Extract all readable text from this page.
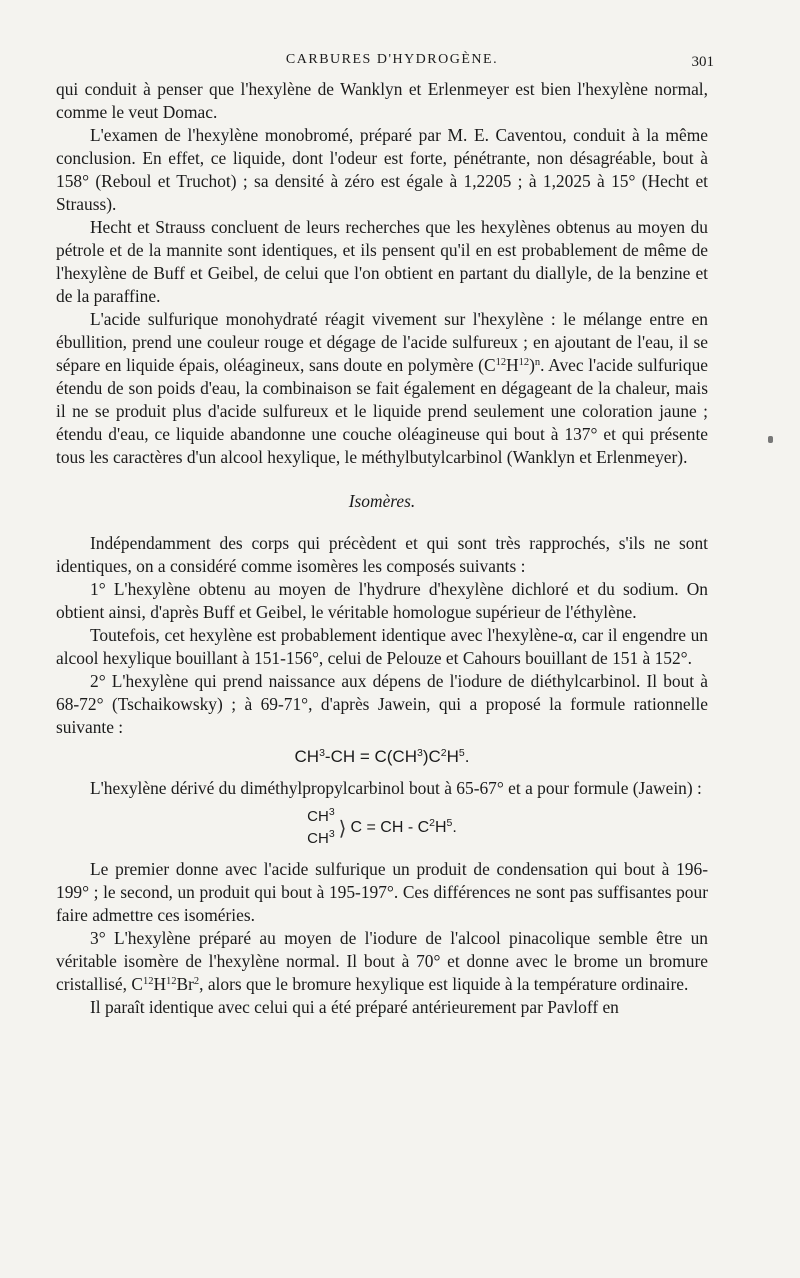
CARBURES D'HYDROGÈNE.	301

qui conduit à penser que l'hexylène de Wanklyn et Erlenmeyer est bien l'hexylène normal, comme le veut Domac.

L'examen de l'hexylène monobromé, préparé par M. E. Caventou, conduit à la même conclusion. En effet, ce liquide, dont l'odeur est forte, pénétrante, non désagréable, bout à 158° (Reboul et Truchot) ; sa densité à zéro est égale à 1,2205 ; à 1,2025 à 15° (Hecht et Strauss).

Hecht et Strauss concluent de leurs recherches que les hexylènes obtenus au moyen du pétrole et de la mannite sont identiques, et ils pensent qu'il en est probablement de même de l'hexylène de Buff et Geibel, de celui que l'on obtient en partant du diallyle, de la benzine et de la paraffine.

L'acide sulfurique monohydraté réagit vivement sur l'hexylène : le mélange entre en ébullition, prend une couleur rouge et dégage de l'acide sulfureux ; en ajoutant de l'eau, il se sépare en liquide épais, oléagineux, sans doute en polymère $(C^{12}H^{12})^n$. Avec l'acide sulfurique étendu de son poids d'eau, la combinaison se fait également en dégageant de la chaleur, mais il ne se produit plus d'acide sulfureux et le liquide prend seulement une coloration jaune ; étendu d'eau, ce liquide abandonne une couche oléagineuse qui bout à 137° et qui présente tous les caractères d'un alcool hexylique, le méthylbutylcarbinol (Wanklyn et Erlenmeyer).

Isomères.

Indépendamment des corps qui précèdent et qui sont très rapprochés, s'ils ne sont identiques, on a considéré comme isomères les composés suivants :

1° L'hexylène obtenu au moyen de l'hydrure d'hexylène dichloré et du sodium. On obtient ainsi, d'après Buff et Geibel, le véritable homologue supérieur de l'éthylène.

Toutefois, cet hexylène est probablement identique avec l'hexylène-α, car il engendre un alcool hexylique bouillant à 151-156°, celui de Pelouze et Cahours bouillant de 151 à 152°.

2° L'hexylène qui prend naissance aux dépens de l'iodure de diéthylcarbinol. Il bout à 68-72° (Tschaikowsky) ; à 69-71°, d'après Jawein, qui a proposé la formule rationnelle suivante :

$CH^3-CH = C(CH^3)C^2H^5$.

L'hexylène dérivé du diméthylpropylcarbinol bout à 65-67° et a pour formule (Jawein) :

$CH^3$
$CH^3$ ⟩ C = CH - $C^2H^5$.

Le premier donne avec l'acide sulfurique un produit de condensation qui bout à 196-199° ; le second, un produit qui bout à 195-197°. Ces différences ne sont pas suffisantes pour faire admettre ces isoméries.

3° L'hexylène préparé au moyen de l'iodure de l'alcool pinacolique semble être un véritable isomère de l'hexylène normal. Il bout à 70° et donne avec le brome un bromure cristallisé, $C^{12}H^{12}Br^2$, alors que le bromure hexylique est liquide à la température ordinaire.

Il paraît identique avec celui qui a été préparé antérieurement par Pavloff en
